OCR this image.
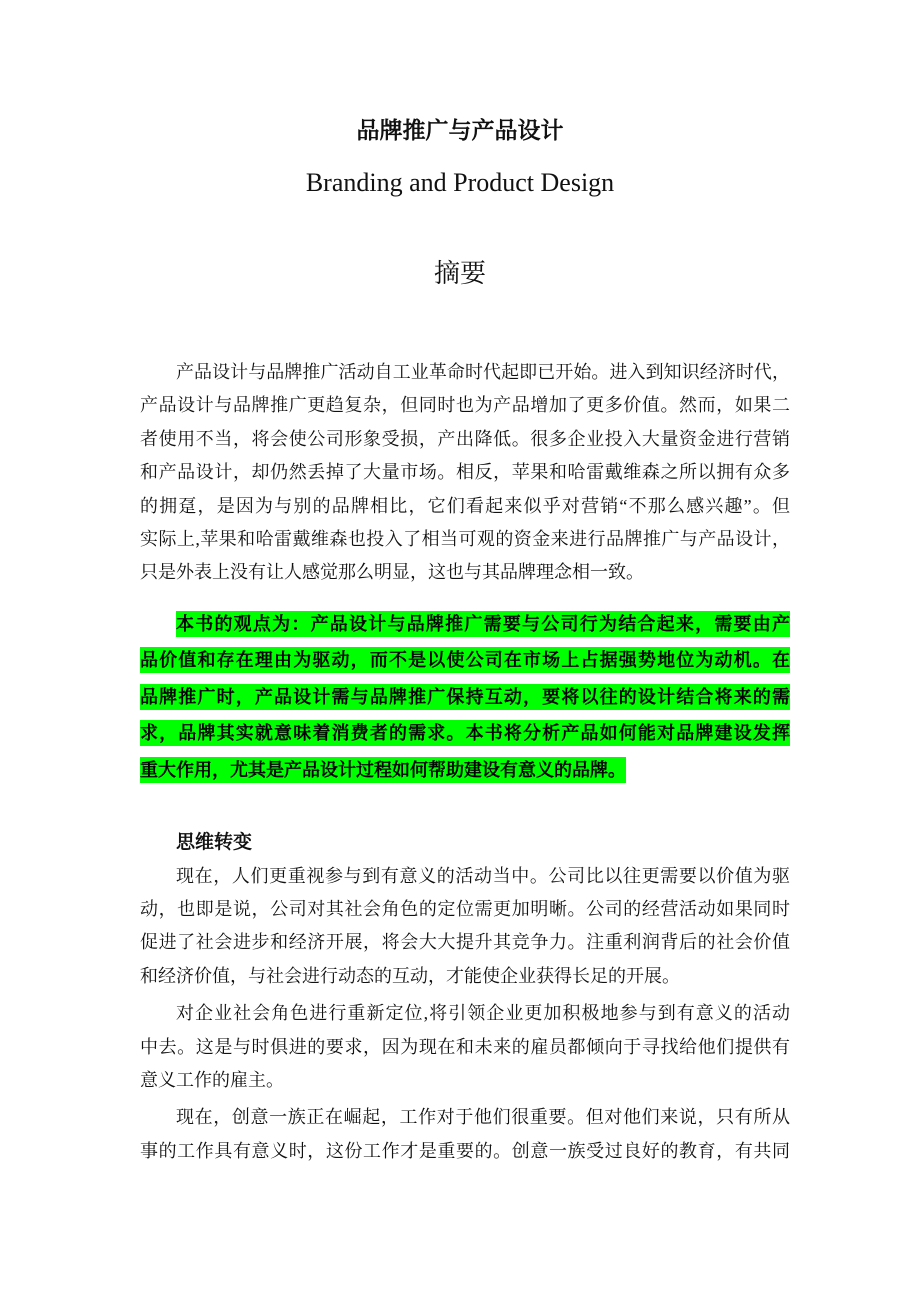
品牌推广与产品设计
Branding and Product Design
摘要
产品设计与品牌推广活动自工业革命时代起即已开始。进入到知识经济时代，
产品设计与品牌推广更趋复杂，但同时也为产品增加了更多价值。然而，如果二
者使用不当，将会使公司形象受损，产出降低。很多企业投入大量资金进行营销
和产品设计，却仍然丢掉了大量市场。相反，苹果和哈雷戴维森之所以拥有众多
的拥趸，是因为与别的品牌相比，它们看起来似乎对营销“不那么感兴趣”。但
实际上,苹果和哈雷戴维森也投入了相当可观的资金来进行品牌推广与产品设计，
只是外表上没有让人感觉那么明显，这也与其品牌理念相一致。
本书的观点为：产品设计与品牌推广需要与公司行为结合起来，需要由产
品价值和存在理由为驱动，而不是以使公司在市场上占据强势地位为动机。在
品牌推广时，产品设计需与品牌推广保持互动，要将以往的设计结合将来的需
求，品牌其实就意味着消费者的需求。本书将分析产品如何能对品牌建设发挥
重大作用，尤其是产品设计过程如何帮助建设有意义的品牌。
思维转变
现在，人们更重视参与到有意义的活动当中。公司比以往更需要以价值为驱
动，也即是说，公司对其社会角色的定位需更加明晰。公司的经营活动如果同时
促进了社会进步和经济开展，将会大大提升其竞争力。注重利润背后的社会价值
和经济价值，与社会进行动态的互动，才能使企业获得长足的开展。
对企业社会角色进行重新定位,将引领企业更加积极地参与到有意义的活动
中去。这是与时俱进的要求，因为现在和未来的雇员都倾向于寻找给他们提供有
意义工作的雇主。
现在，创意一族正在崛起，工作对于他们很重要。但对他们来说，只有所从
事的工作具有意义时，这份工作才是重要的。创意一族受过良好的教育，有共同
